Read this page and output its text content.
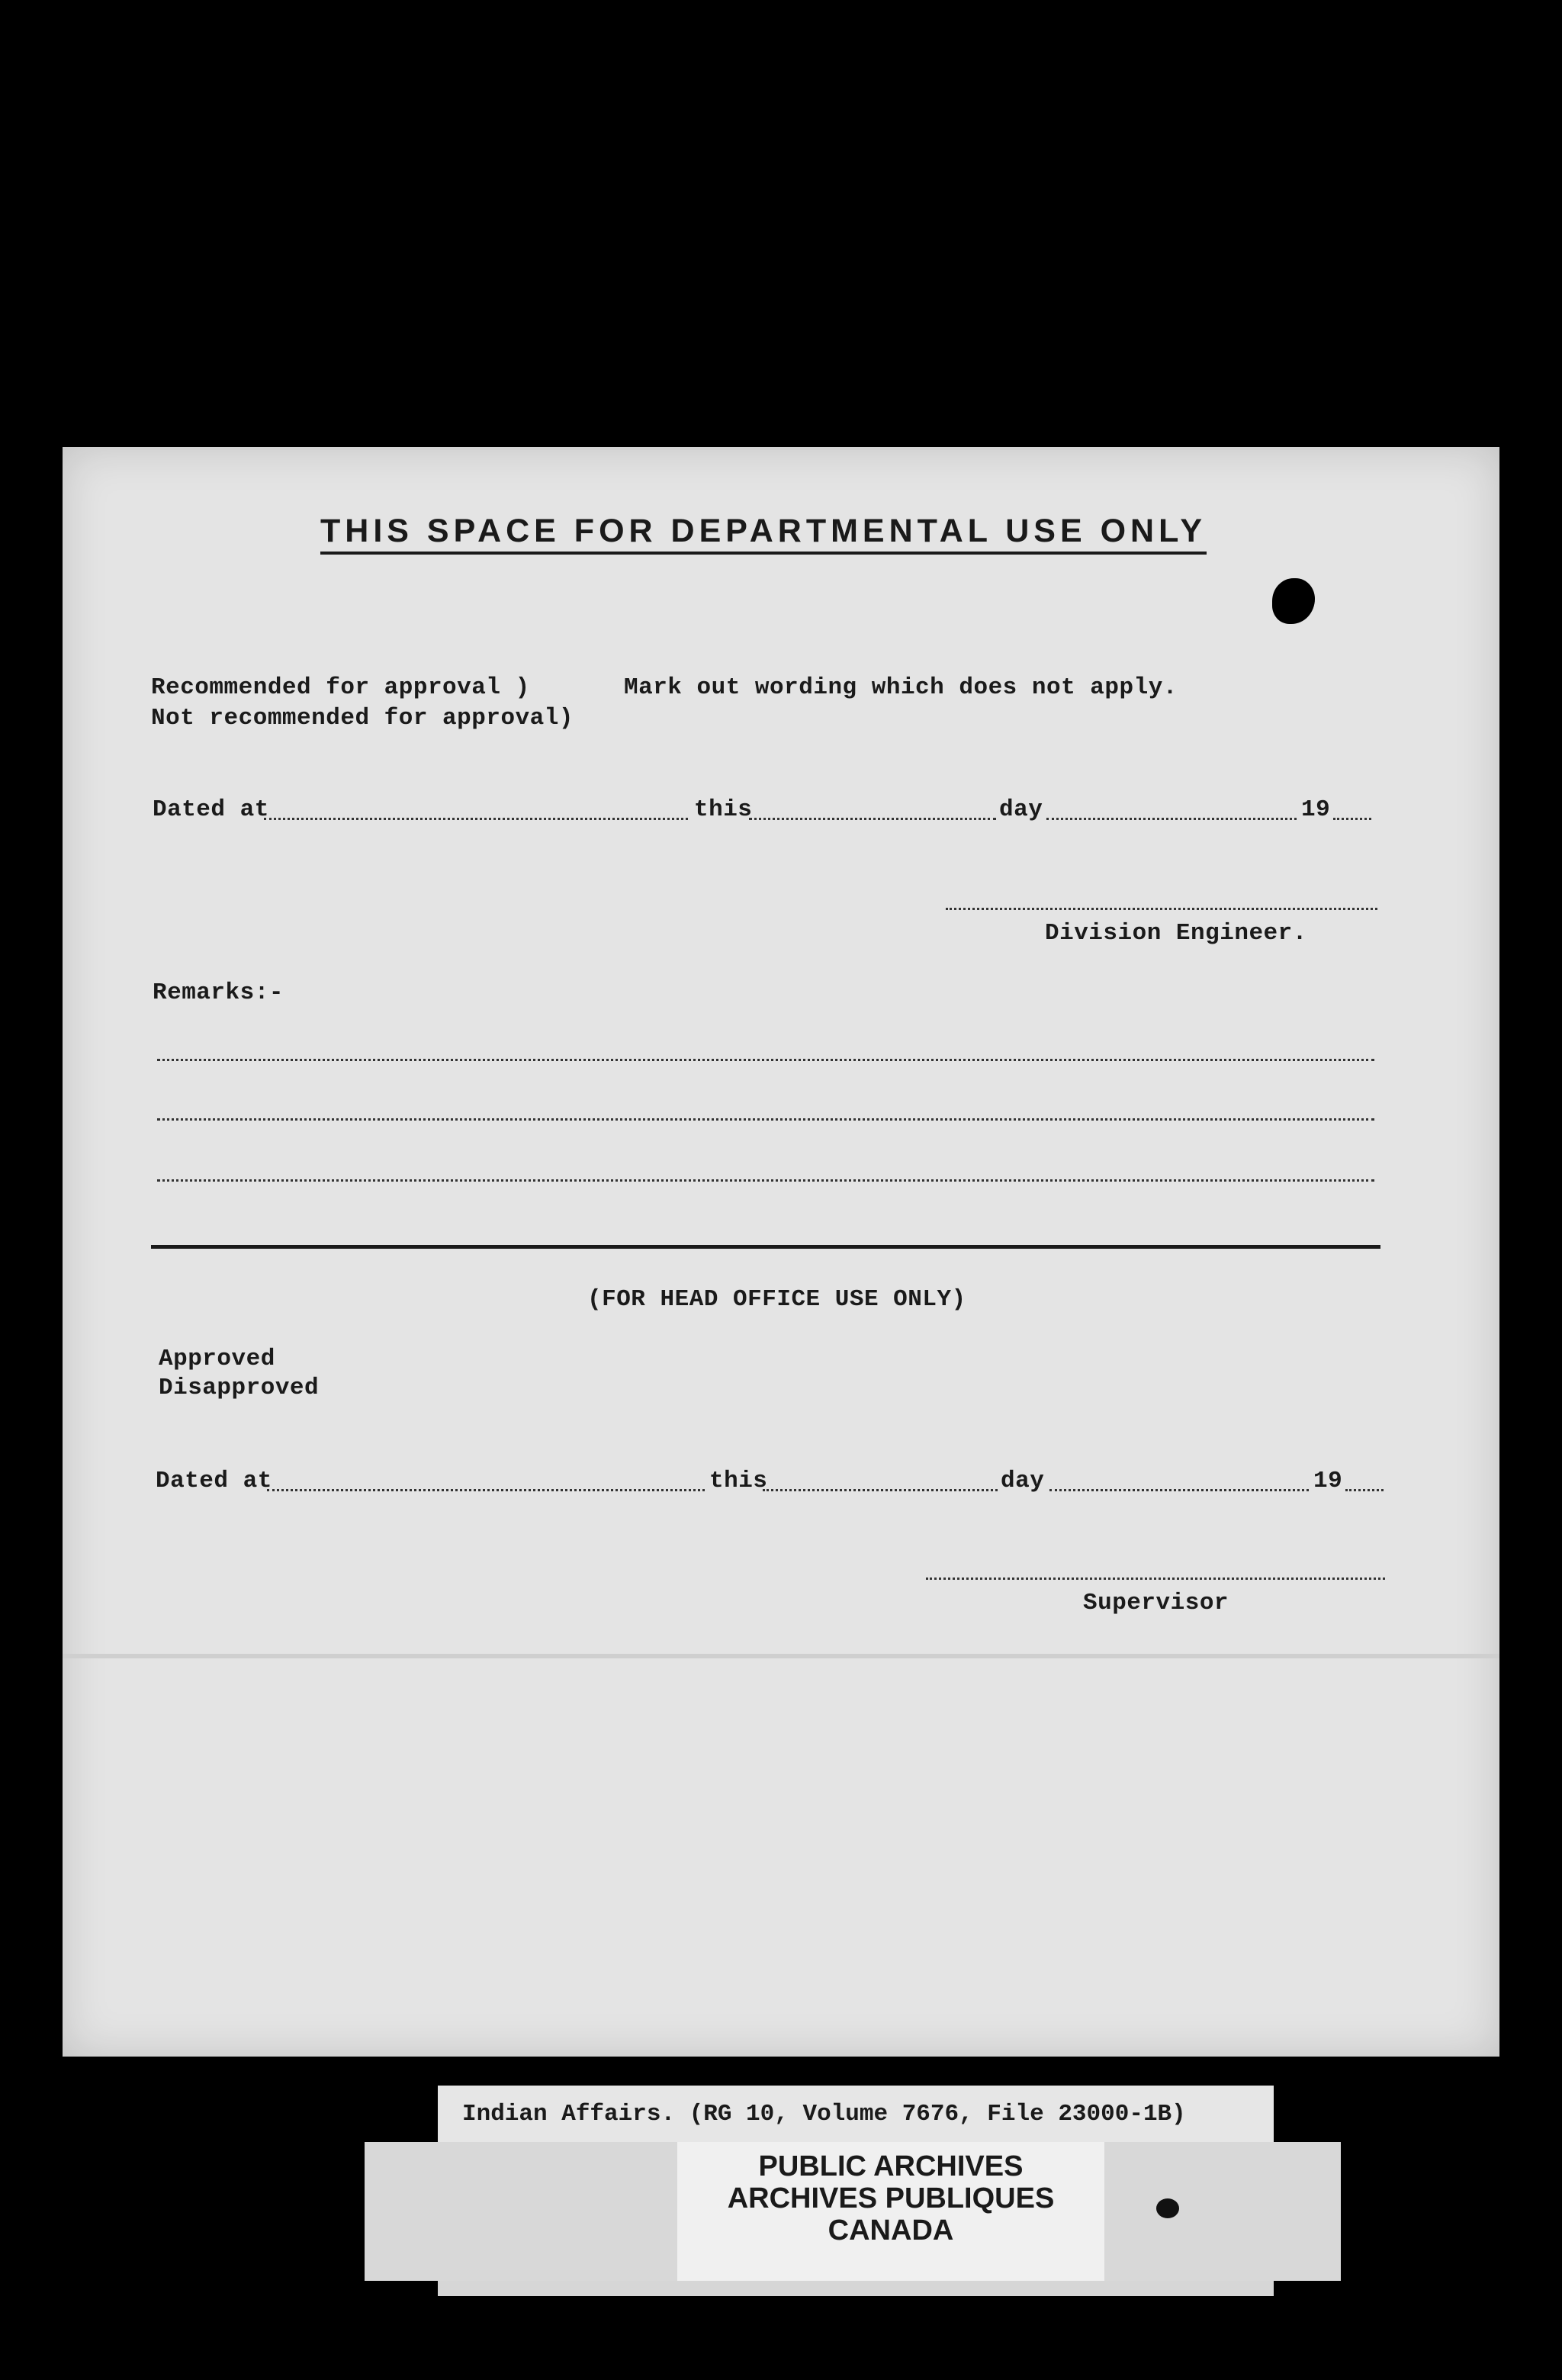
THIS SPACE FOR DEPARTMENTAL USE ONLY
Recommended for approval )
Not recommended for approval)
Mark out wording which does not apply.
Dated at	this	day	19
Division Engineer.
Remarks:-
(FOR HEAD OFFICE USE ONLY)
Approved
Disapproved
Dated at	this	day	19
Supervisor
Indian Affairs. (RG 10, Volume 7676, File 23000-1B)
PUBLIC ARCHIVES
ARCHIVES PUBLIQUES
CANADA
